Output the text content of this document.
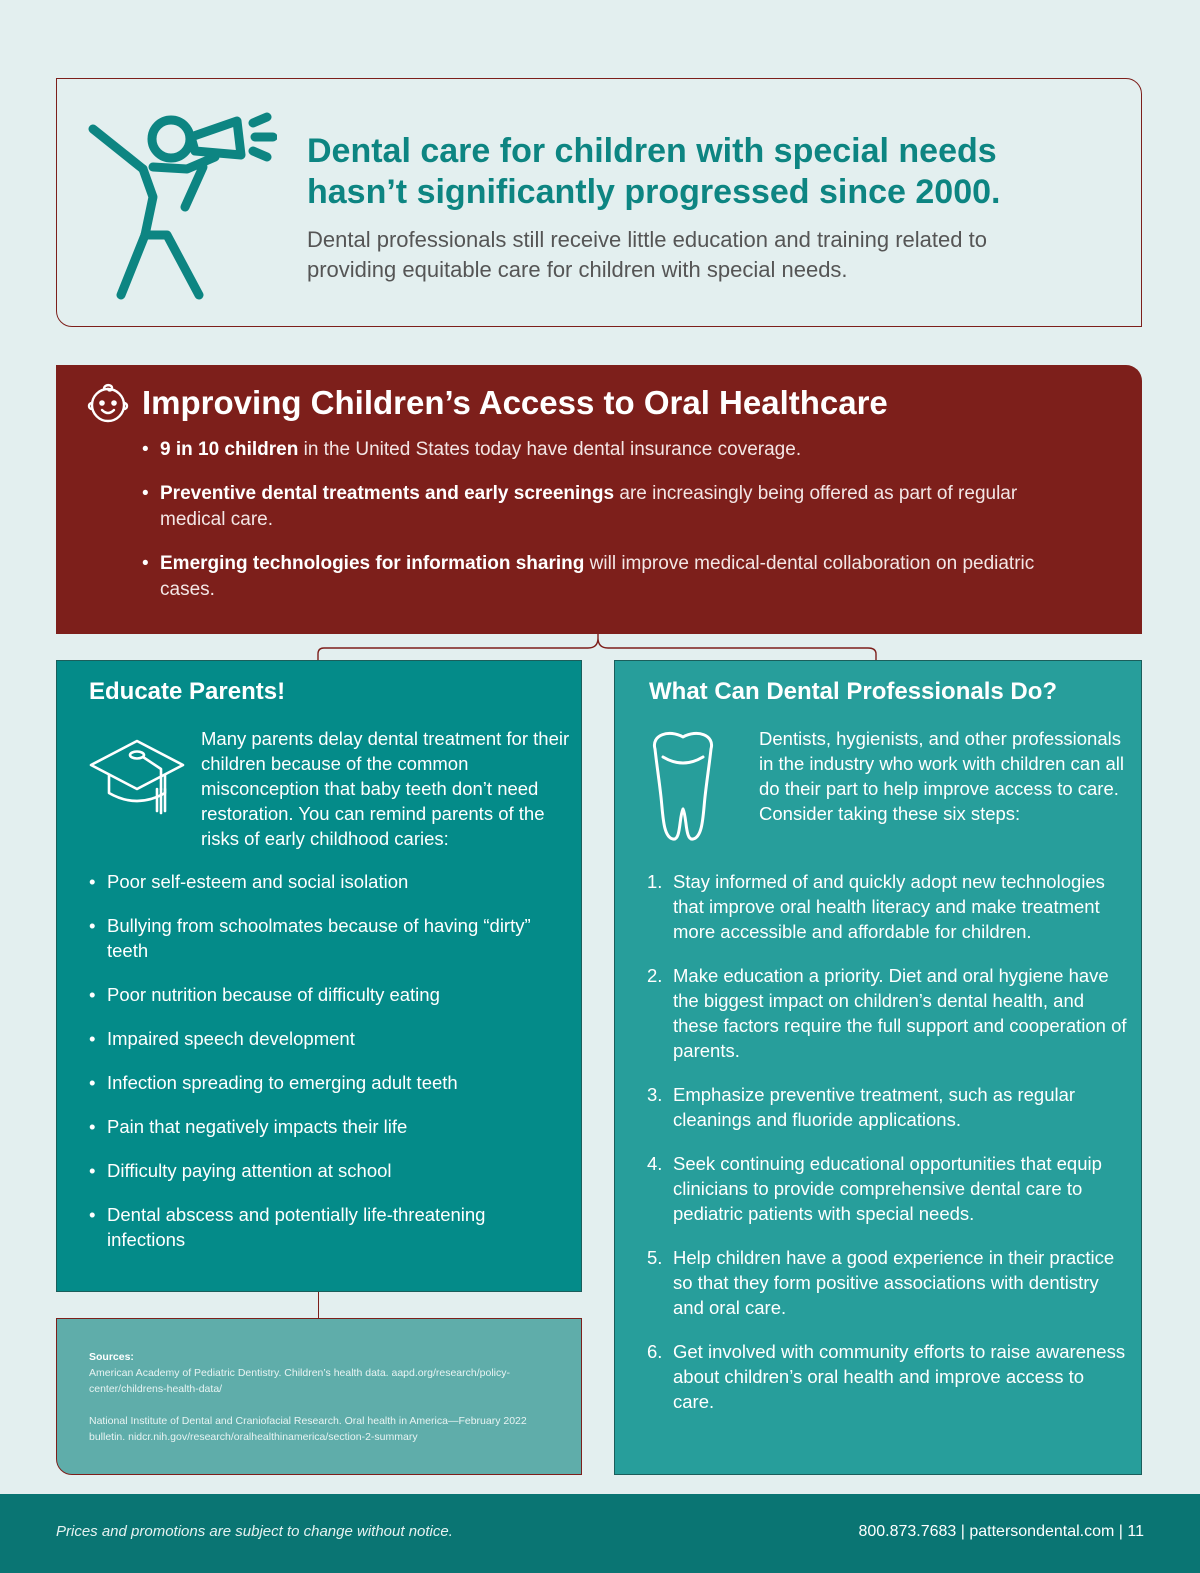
Dental care for children with special needs hasn’t significantly progressed since 2000.

Dental professionals still receive little education and training related to providing equitable care for children with special needs.

Improving Children’s Access to Oral Healthcare
• 9 in 10 children in the United States today have dental insurance coverage.
• Preventive dental treatments and early screenings are increasingly being offered as part of regular medical care.
• Emerging technologies for information sharing will improve medical-dental collaboration on pediatric cases.
Educate Parents!

Many parents delay dental treatment for their children because of the common misconception that baby teeth don’t need restoration. You can remind parents of the risks of early childhood caries:

• Poor self-esteem and social isolation
• Bullying from schoolmates because of having “dirty” teeth
• Poor nutrition because of difficulty eating
• Impaired speech development
• Infection spreading to emerging adult teeth
• Pain that negatively impacts their life
• Difficulty paying attention at school
• Dental abscess and potentially life-threatening infections
What Can Dental Professionals Do?

Dentists, hygienists, and other professionals in the industry who work with children can all do their part to help improve access to care. Consider taking these six steps:

1. Stay informed of and quickly adopt new technologies that improve oral health literacy and make treatment more accessible and affordable for children.
2. Make education a priority. Diet and oral hygiene have the biggest impact on children’s dental health, and these factors require the full support and cooperation of parents.
3. Emphasize preventive treatment, such as regular cleanings and fluoride applications.
4. Seek continuing educational opportunities that equip clinicians to provide comprehensive dental care to pediatric patients with special needs.
5. Help children have a good experience in their practice so that they form positive associations with dentistry and oral care.
6. Get involved with community efforts to raise awareness about children’s oral health and improve access to care.
Sources:
American Academy of Pediatric Dentistry. Children’s health data. aapd.org/research/policy-center/childrens-health-data/
National Institute of Dental and Craniofacial Research. Oral health in America—February 2022 bulletin. nidcr.nih.gov/research/oralhealthinamerica/section-2-summary
Prices and promotions are subject to change without notice.	800.873.7683 | pattersondental.com | 11
